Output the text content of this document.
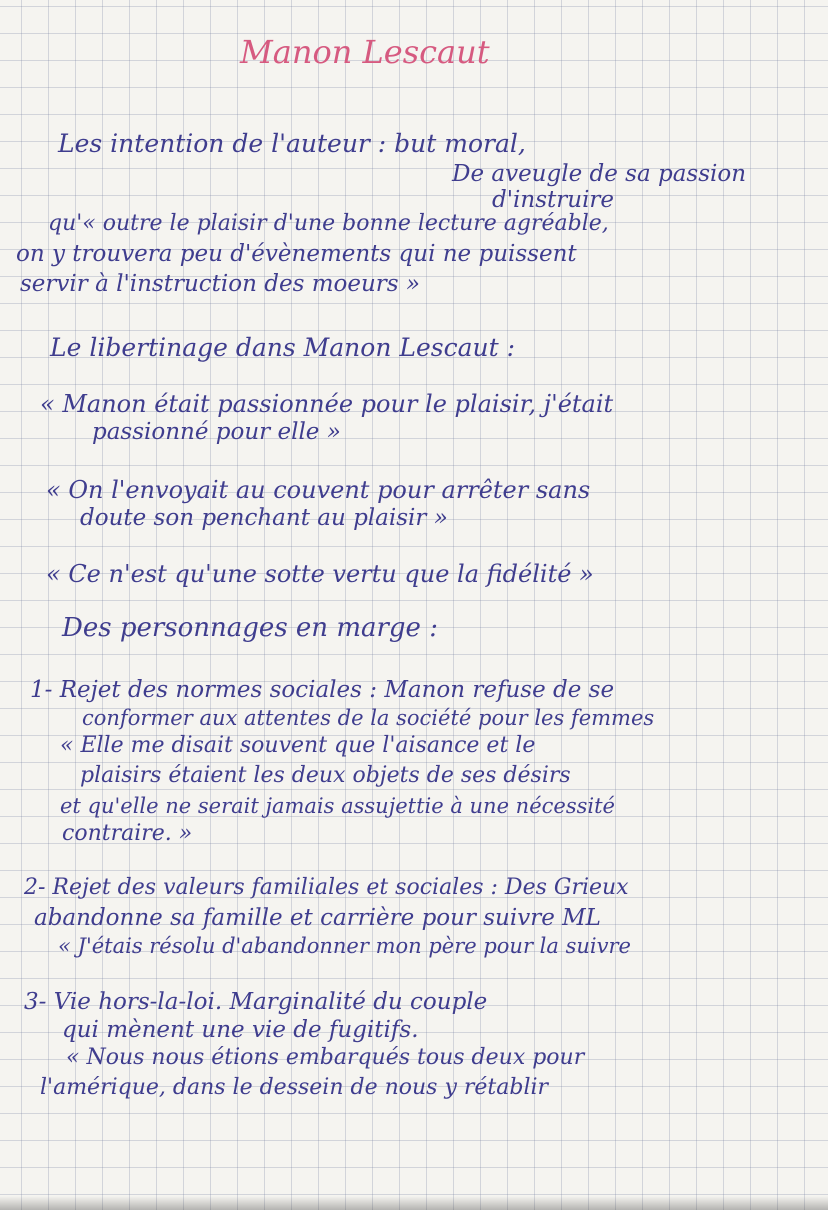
Manon Lescaut
Les intention de l'auteur : but moral,
De aveugle de sa passion
d'instruire
qu'« outre le plaisir d'une bonne lecture agréable,
on y trouvera peu d'évènements qui ne puissent
servir à l'instruction des moeurs »
Le libertinage dans Manon Lescaut :
« Manon était passionnée pour le plaisir, j'était
passionné pour elle »
« On l'envoyait au couvent pour arrêter sans
doute son penchant au plaisir »
« Ce n'est qu'une sotte vertu que la fidélité »
Des personnages en marge :
1- Rejet des normes sociales : Manon refuse de se
conformer aux attentes de la société pour les femmes
« Elle me disait souvent que l'aisance et le
plaisirs étaient les deux objets de ses désirs
et qu'elle ne serait jamais assujettie à une nécessité
contraire. »
2- Rejet des valeurs familiales et sociales : Des Grieux
abandonne sa famille et carrière pour suivre ML
« J'étais résolu d'abandonner mon père pour la suivre
3- Vie hors-la-loi. Marginalité du couple
qui mènent une vie de fugitifs.
« Nous nous étions embarqués tous deux pour
l'amérique, dans le dessein de nous y rétablir
